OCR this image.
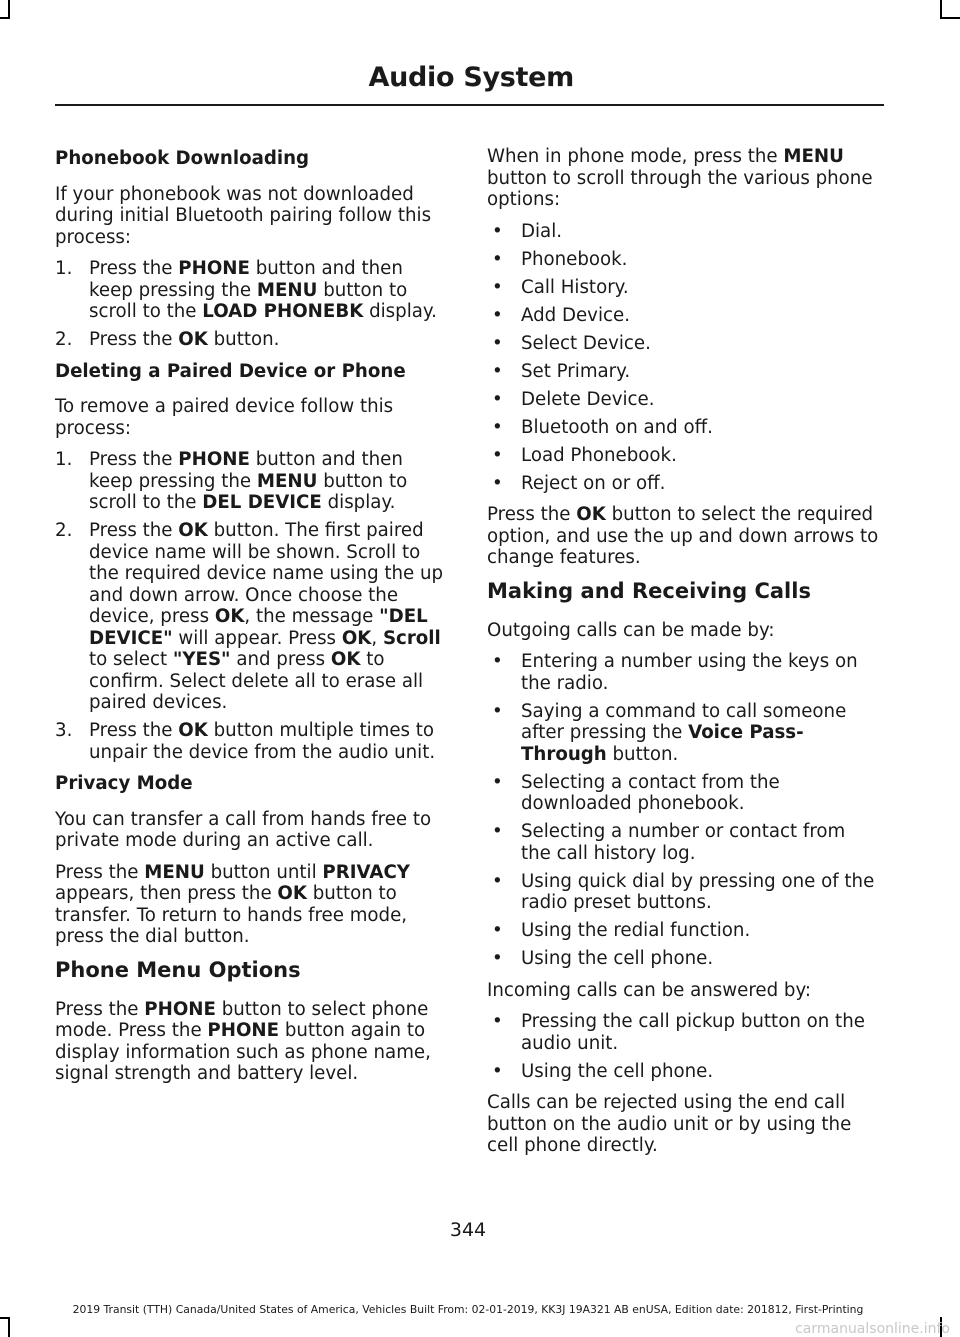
Audio System

Phonebook Downloading

If your phonebook was not downloaded during initial Bluetooth pairing follow this process:

1. Press the PHONE button and then keep pressing the MENU button to scroll to the LOAD PHONEBK display.
2. Press the OK button.

Deleting a Paired Device or Phone

To remove a paired device follow this process:

1. Press the PHONE button and then keep pressing the MENU button to scroll to the DEL DEVICE display.
2. Press the OK button. The first paired device name will be shown. Scroll to the required device name using the up and down arrow. Once choose the device, press OK, the message "DEL DEVICE" will appear. Press OK, Scroll to select "YES" and press OK to confirm. Select delete all to erase all paired devices.
3. Press the OK button multiple times to unpair the device from the audio unit.

Privacy Mode

You can transfer a call from hands free to private mode during an active call.

Press the MENU button until PRIVACY appears, then press the OK button to transfer. To return to hands free mode, press the dial button.

Phone Menu Options

Press the PHONE button to select phone mode. Press the PHONE button again to display information such as phone name, signal strength and battery level.

When in phone mode, press the MENU button to scroll through the various phone options:

• Dial.
• Phonebook.
• Call History.
• Add Device.
• Select Device.
• Set Primary.
• Delete Device.
• Bluetooth on and off.
• Load Phonebook.
• Reject on or off.

Press the OK button to select the required option, and use the up and down arrows to change features.

Making and Receiving Calls

Outgoing calls can be made by:

• Entering a number using the keys on the radio.
• Saying a command to call someone after pressing the Voice Pass-Through button.
• Selecting a contact from the downloaded phonebook.
• Selecting a number or contact from the call history log.
• Using quick dial by pressing one of the radio preset buttons.
• Using the redial function.
• Using the cell phone.

Incoming calls can be answered by:

• Pressing the call pickup button on the audio unit.
• Using the cell phone.

Calls can be rejected using the end call button on the audio unit or by using the cell phone directly.

344
2019 Transit (TTH) Canada/United States of America, Vehicles Built From: 02-01-2019, KK3J 19A321 AB enUSA, Edition date: 201812, First-Printing
carmanualsonline.info
